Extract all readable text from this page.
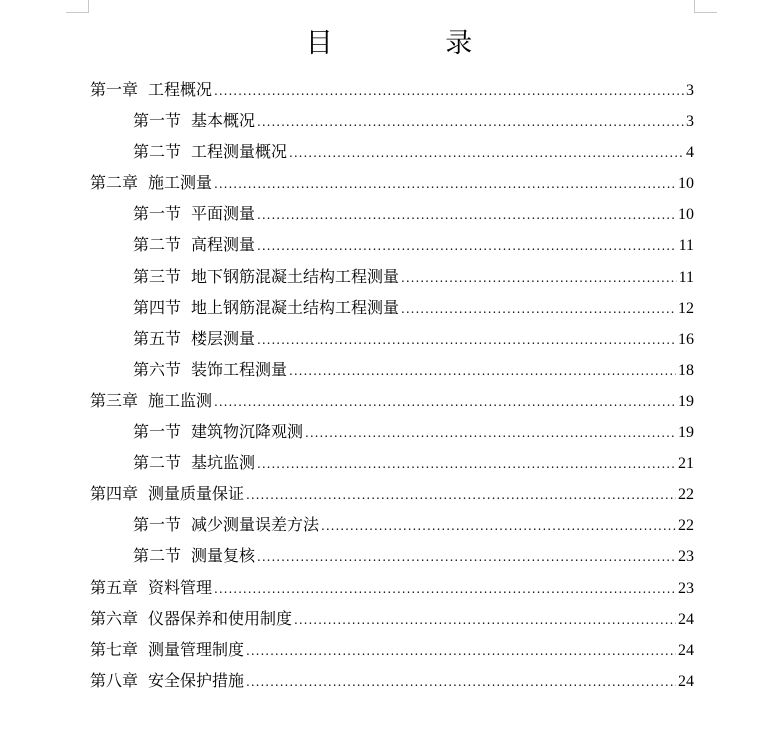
目 录
第一章 工程概况 .....	3
第一节 基本概况 .....	3
第二节 工程测量概况 .....	4
第二章 施工测量 .....	10
第一节 平面测量 .....	10
第二节 高程测量 .....	11
第三节 地下钢筋混凝土结构工程测量 .....	11
第四节 地上钢筋混凝土结构工程测量 .....	12
第五节 楼层测量 .....	16
第六节 装饰工程测量 .....	18
第三章 施工监测 .....	19
第一节 建筑物沉降观测 .....	19
第二节 基坑监测 .....	21
第四章 测量质量保证 .....	22
第一节 减少测量误差方法 .....	22
第二节 测量复核 .....	23
第五章 资料管理 .....	23
第六章 仪器保养和使用制度 .....	24
第七章 测量管理制度 .....	24
第八章 安全保护措施 .....	24
